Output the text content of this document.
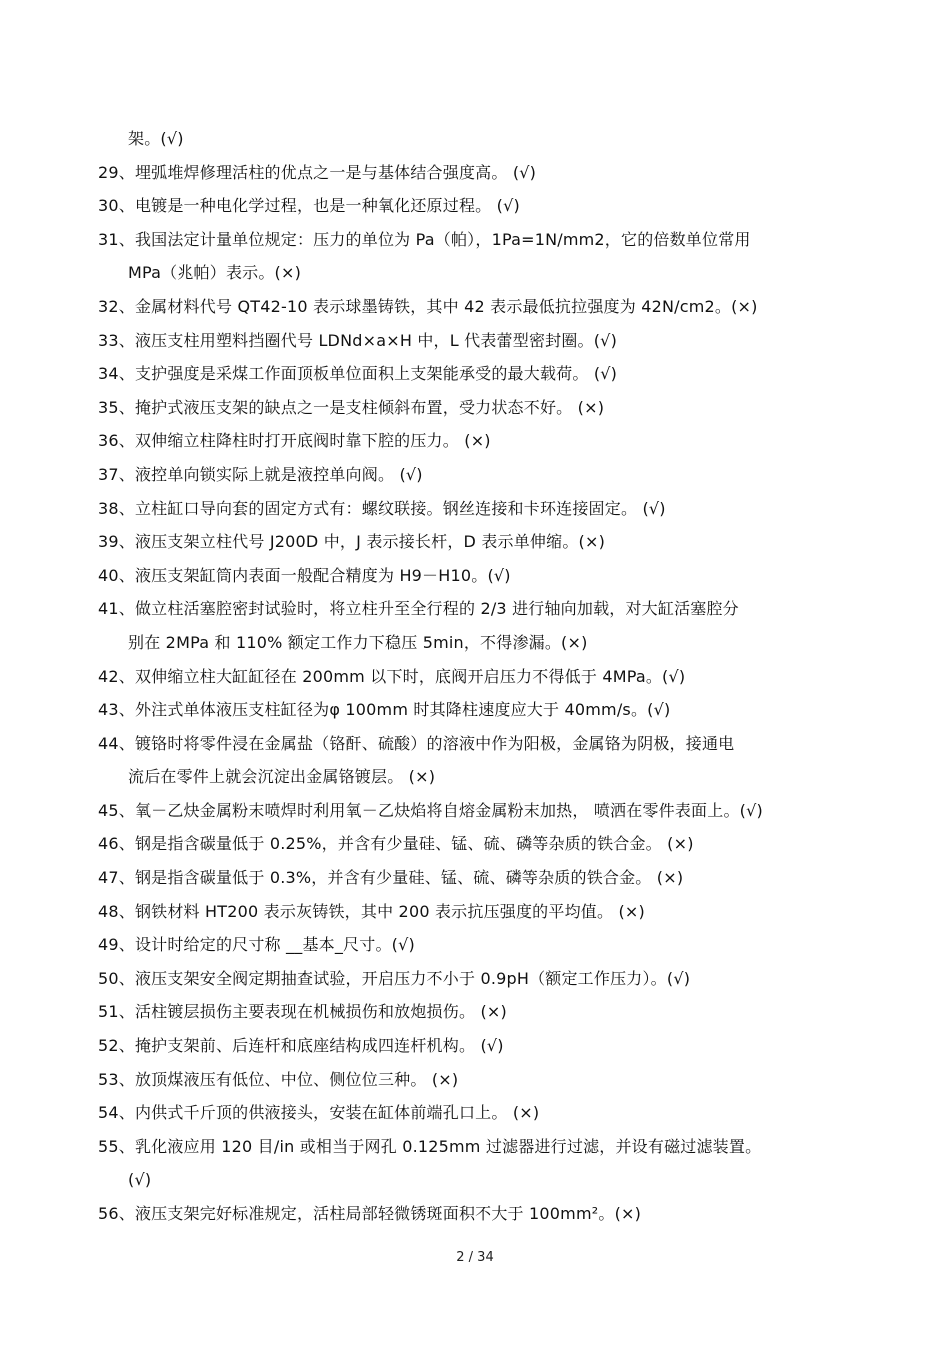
架。(√)
29、埋弧堆焊修理活柱的优点之一是与基体结合强度高。 (√)
30、电镀是一种电化学过程，也是一种氧化还原过程。 (√)
31、我国法定计量单位规定：压力的单位为 Pa（帕），1Pa=1N/mm2，它的倍数单位常用
MPa（兆帕）表示。(×)
32、金属材料代号 QT42-10 表示球墨铸铁，其中 42 表示最低抗拉强度为 42N/cm2。(×)
33、液压支柱用塑料挡圈代号 LDNd×a×H 中，L 代表蕾型密封圈。(√)
34、支护强度是采煤工作面顶板单位面积上支架能承受的最大载荷。 (√)
35、掩护式液压支架的缺点之一是支柱倾斜布置，受力状态不好。 (×)
36、双伸缩立柱降柱时打开底阀时靠下腔的压力。 (×)
37、液控单向锁实际上就是液控单向阀。 (√)
38、立柱缸口导向套的固定方式有：螺纹联接。钢丝连接和卡环连接固定。 (√)
39、液压支架立柱代号 J200D 中，J 表示接长杆，D 表示单伸缩。(×)
40、液压支架缸筒内表面一般配合精度为 H9－H10。(√)
41、做立柱活塞腔密封试验时，将立柱升至全行程的 2/3 进行轴向加载，对大缸活塞腔分
别在 2MPa 和 110% 额定工作力下稳压 5min，不得渗漏。(×)
42、双伸缩立柱大缸缸径在 200mm 以下时，底阀开启压力不得低于 4MPa。(√)
43、外注式单体液压支柱缸径为φ 100mm 时其降柱速度应大于 40mm/s。(√)
44、镀铬时将零件浸在金属盐（铬酐、硫酸）的溶液中作为阳极，金属铬为阴极，接通电
流后在零件上就会沉淀出金属铬镀层。 (×)
45、氧－乙炔金属粉末喷焊时利用氧－乙炔焰将自熔金属粉末加热， 喷洒在零件表面上。(√)
46、钢是指含碳量低于 0.25%，并含有少量硅、锰、硫、磷等杂质的铁合金。 (×)
47、钢是指含碳量低于 0.3%，并含有少量硅、锰、硫、磷等杂质的铁合金。 (×)
48、钢铁材料 HT200 表示灰铸铁，其中 200 表示抗压强度的平均值。 (×)
49、设计时给定的尺寸称 __基本_尺寸。(√)
50、液压支架安全阀定期抽查试验，开启压力不小于 0.9pH（额定工作压力）。(√)
51、活柱镀层损伤主要表现在机械损伤和放炮损伤。 (×)
52、掩护支架前、后连杆和底座结构成四连杆机构。 (√)
53、放顶煤液压有低位、中位、侧位位三种。 (×)
54、内供式千斤顶的供液接头，安装在缸体前端孔口上。 (×)
55、乳化液应用 120 目/in 或相当于网孔 0.125mm 过滤器进行过滤，并设有磁过滤装置。
(√)
56、液压支架完好标准规定，活柱局部轻微锈斑面积不大于 100mm²。(×)
2 / 34
